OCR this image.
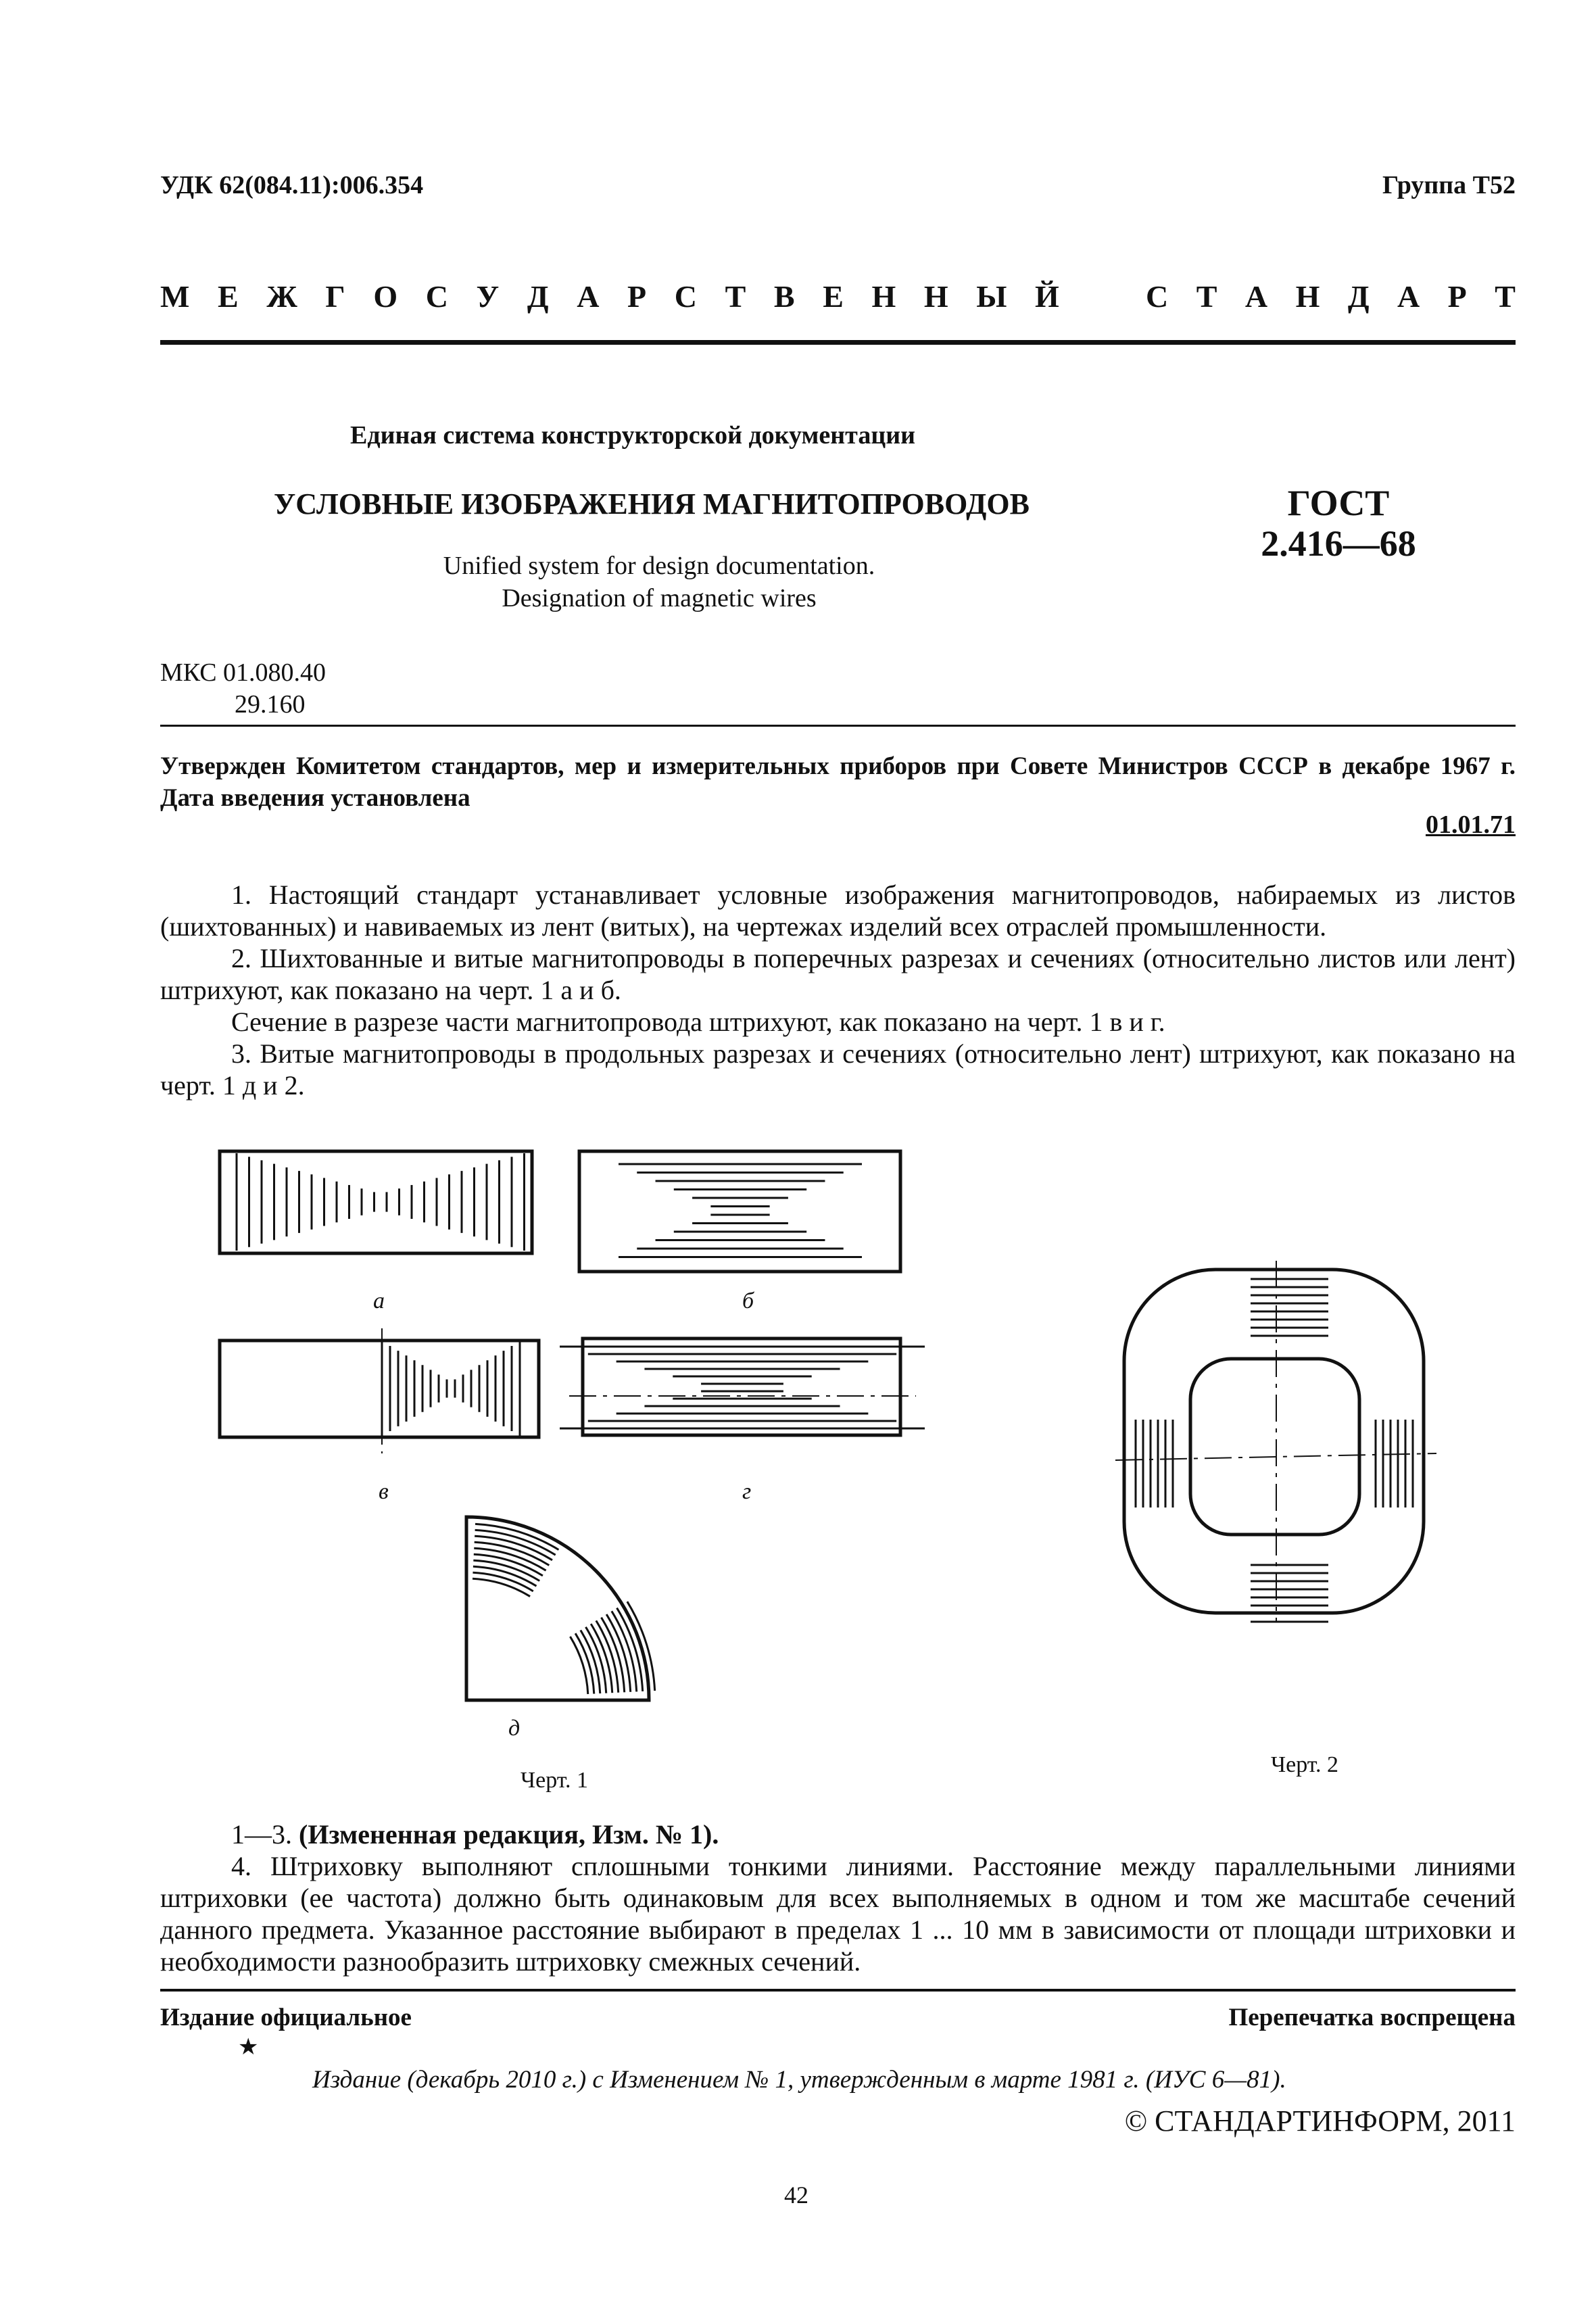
УДК 62(084.11):006.354	Группа Т52
М Е Ж Г О С У Д А Р С Т В Е Н Н Ы Й	С Т А Н Д А Р Т
Единая система конструкторской документации
УСЛОВНЫЕ ИЗОБРАЖЕНИЯ МАГНИТОПРОВОДОВ
Unified system for design documentation.
Designation of magnetic wires
ГОСТ
2.416—68
МКС 01.080.40
29.160
Утвержден Комитетом стандартов, мер и измерительных приборов при Совете Министров СССР в декабре 1967 г. Дата введения установлена
01.01.71

1. Настоящий стандарт устанавливает условные изображения магнитопроводов, набираемых из листов (шихтованных) и навиваемых из лент (витых), на чертежах изделий всех отраслей промышленности.

2. Шихтованные и витые магнитопроводы в поперечных разрезах и сечениях (относительно листов или лент) штрихуют, как показано на черт. 1 а и б.

Сечение в разрезе части магнитопровода штрихуют, как показано на черт. 1 в и г.

3. Витые магнитопроводы в продольных разрезах и сечениях (относительно лент) штрихуют, как показано на черт. 1 д и 2.

а	б
в	г
д
Черт. 1
Черт. 2

1—3. (Измененная редакция, Изм. № 1).

4. Штриховку выполняют сплошными тонкими линиями. Расстояние между параллельными линиями штриховки (ее частота) должно быть одинаковым для всех выполняемых в одном и том же масштабе сечений данного предмета. Указанное расстояние выбирают в пределах 1 ... 10 мм в зависимости от площади штриховки и необходимости разнообразить штриховку смежных сечений.

Издание официальное	Перепечатка воспрещена
★
Издание (декабрь 2010 г.) с Изменением № 1, утвержденным в марте 1981 г. (ИУС 6—81).
© СТАНДАРТИНФОРМ, 2011
42
